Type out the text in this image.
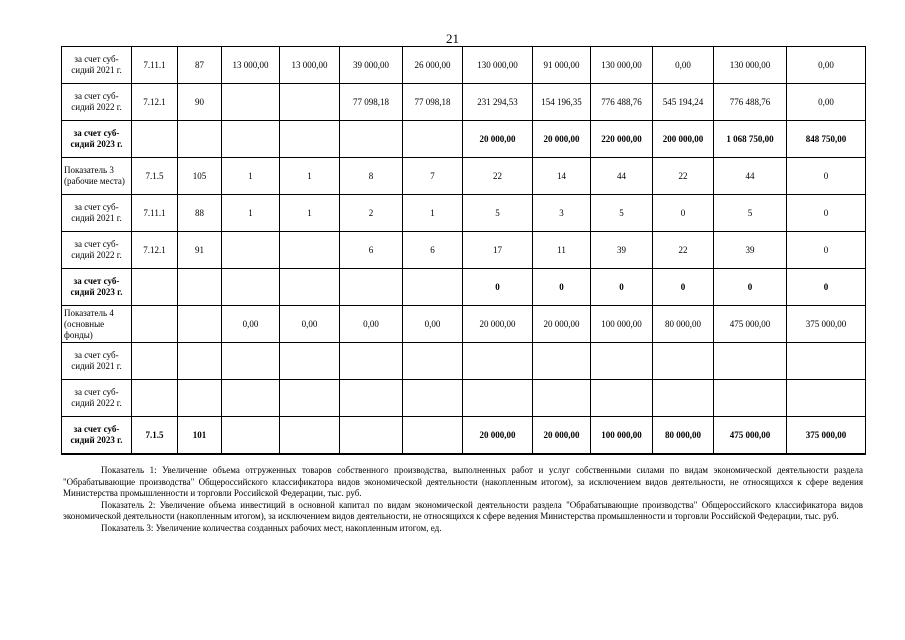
21
за счет суб-сидий 2021 г.	7.11.1	87	13 000,00	13 000,00	39 000,00	26 000,00	130 000,00	91 000,00	130 000,00	0,00	130 000,00	0,00
за счет суб-сидий 2022 г.	7.12.1	90			77 098,18	77 098,18	231 294,53	154 196,35	776 488,76	545 194,24	776 488,76	0,00
за счет суб-сидий 2023 г.							20 000,00	20 000,00	220 000,00	200 000,00	1 068 750,00	848 750,00
Показатель 3 (рабочие места)	7.1.5	105	1	1	8	7	22	14	44	22	44	0
за счет суб-сидий 2021 г.	7.11.1	88	1	1	2	1	5	3	5	0	5	0
за счет суб-сидий 2022 г.	7.12.1	91			6	6	17	11	39	22	39	0
за счет суб-сидий 2023 г.							0	0	0	0	0	0
Показатель 4 (основные фонды)			0,00	0,00	0,00	0,00	20 000,00	20 000,00	100 000,00	80 000,00	475 000,00	375 000,00
за счет суб-сидий 2021 г.												
за счет суб-сидий 2022 г.												
за счет суб-сидий 2023 г.	7.1.5	101					20 000,00	20 000,00	100 000,00	80 000,00	475 000,00	375 000,00

Показатель 1: Увеличение объема отгруженных товаров собственного производства, выполненных работ и услуг собственными силами по видам экономической деятельности раздела "Обрабатывающие производства" Общероссийского классификатора видов экономической деятельности (накопленным итогом), за исключением видов деятельности, не относящихся к сфере ведения Министерства промышленности и торговли Российской Федерации, тыс. руб.

Показатель 2: Увеличение объема инвестиций в основной капитал по видам экономической деятельности раздела "Обрабатывающие производства" Общероссийского классификатора видов экономической деятельности (накопленным итогом), за исключением видов деятельности, не относящихся к сфере ведения Министерства промышленности и торговли Российской Федерации, тыс. руб.

Показатель 3: Увеличение количества созданных рабочих мест, накопленным итогом, ед.
